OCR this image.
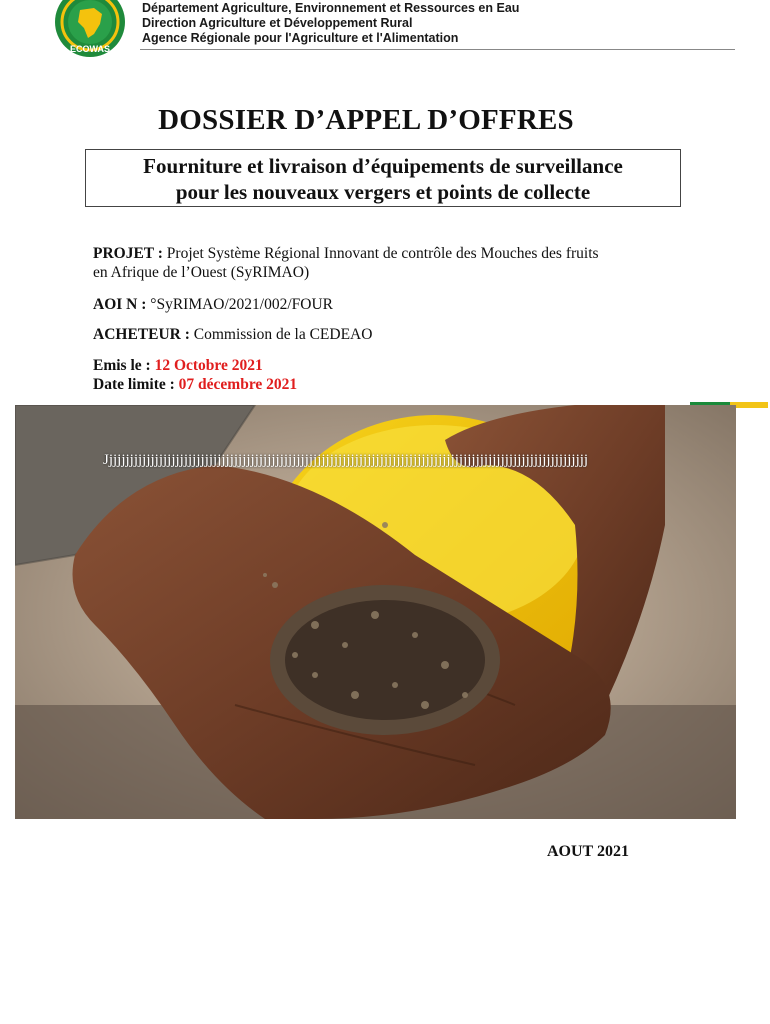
ECOWAS
Département Agriculture, Environnement et Ressources en Eau
Direction Agriculture et Développement Rural
Agence Régionale pour l'Agriculture et l'Alimentation
DOSSIER D’APPEL D’OFFRES
Fourniture et livraison d’équipements de surveillance
pour les nouveaux vergers et points de collecte
PROJET : Projet Système Régional Innovant de contrôle des Mouches des fruits
en Afrique de l’Ouest (SyRIMAO)
AOI N : °SyRIMAO/2021/002/FOUR
ACHETEUR : Commission de la CEDEAO
Emis le : 12 Octobre 2021
Date limite : 07 décembre 2021
Jjjjjjjjjjjjjjjjjjjjjjjjjjjjjjjjjjjjjjjjjjjjjjjjjjjjjjjjjjjjjjjjjjjjjjjjjjjjjjjjjjjjjjjjjjjjjjjjjjjjjjjjjjjjjjjjjjjj
AOUT 2021
